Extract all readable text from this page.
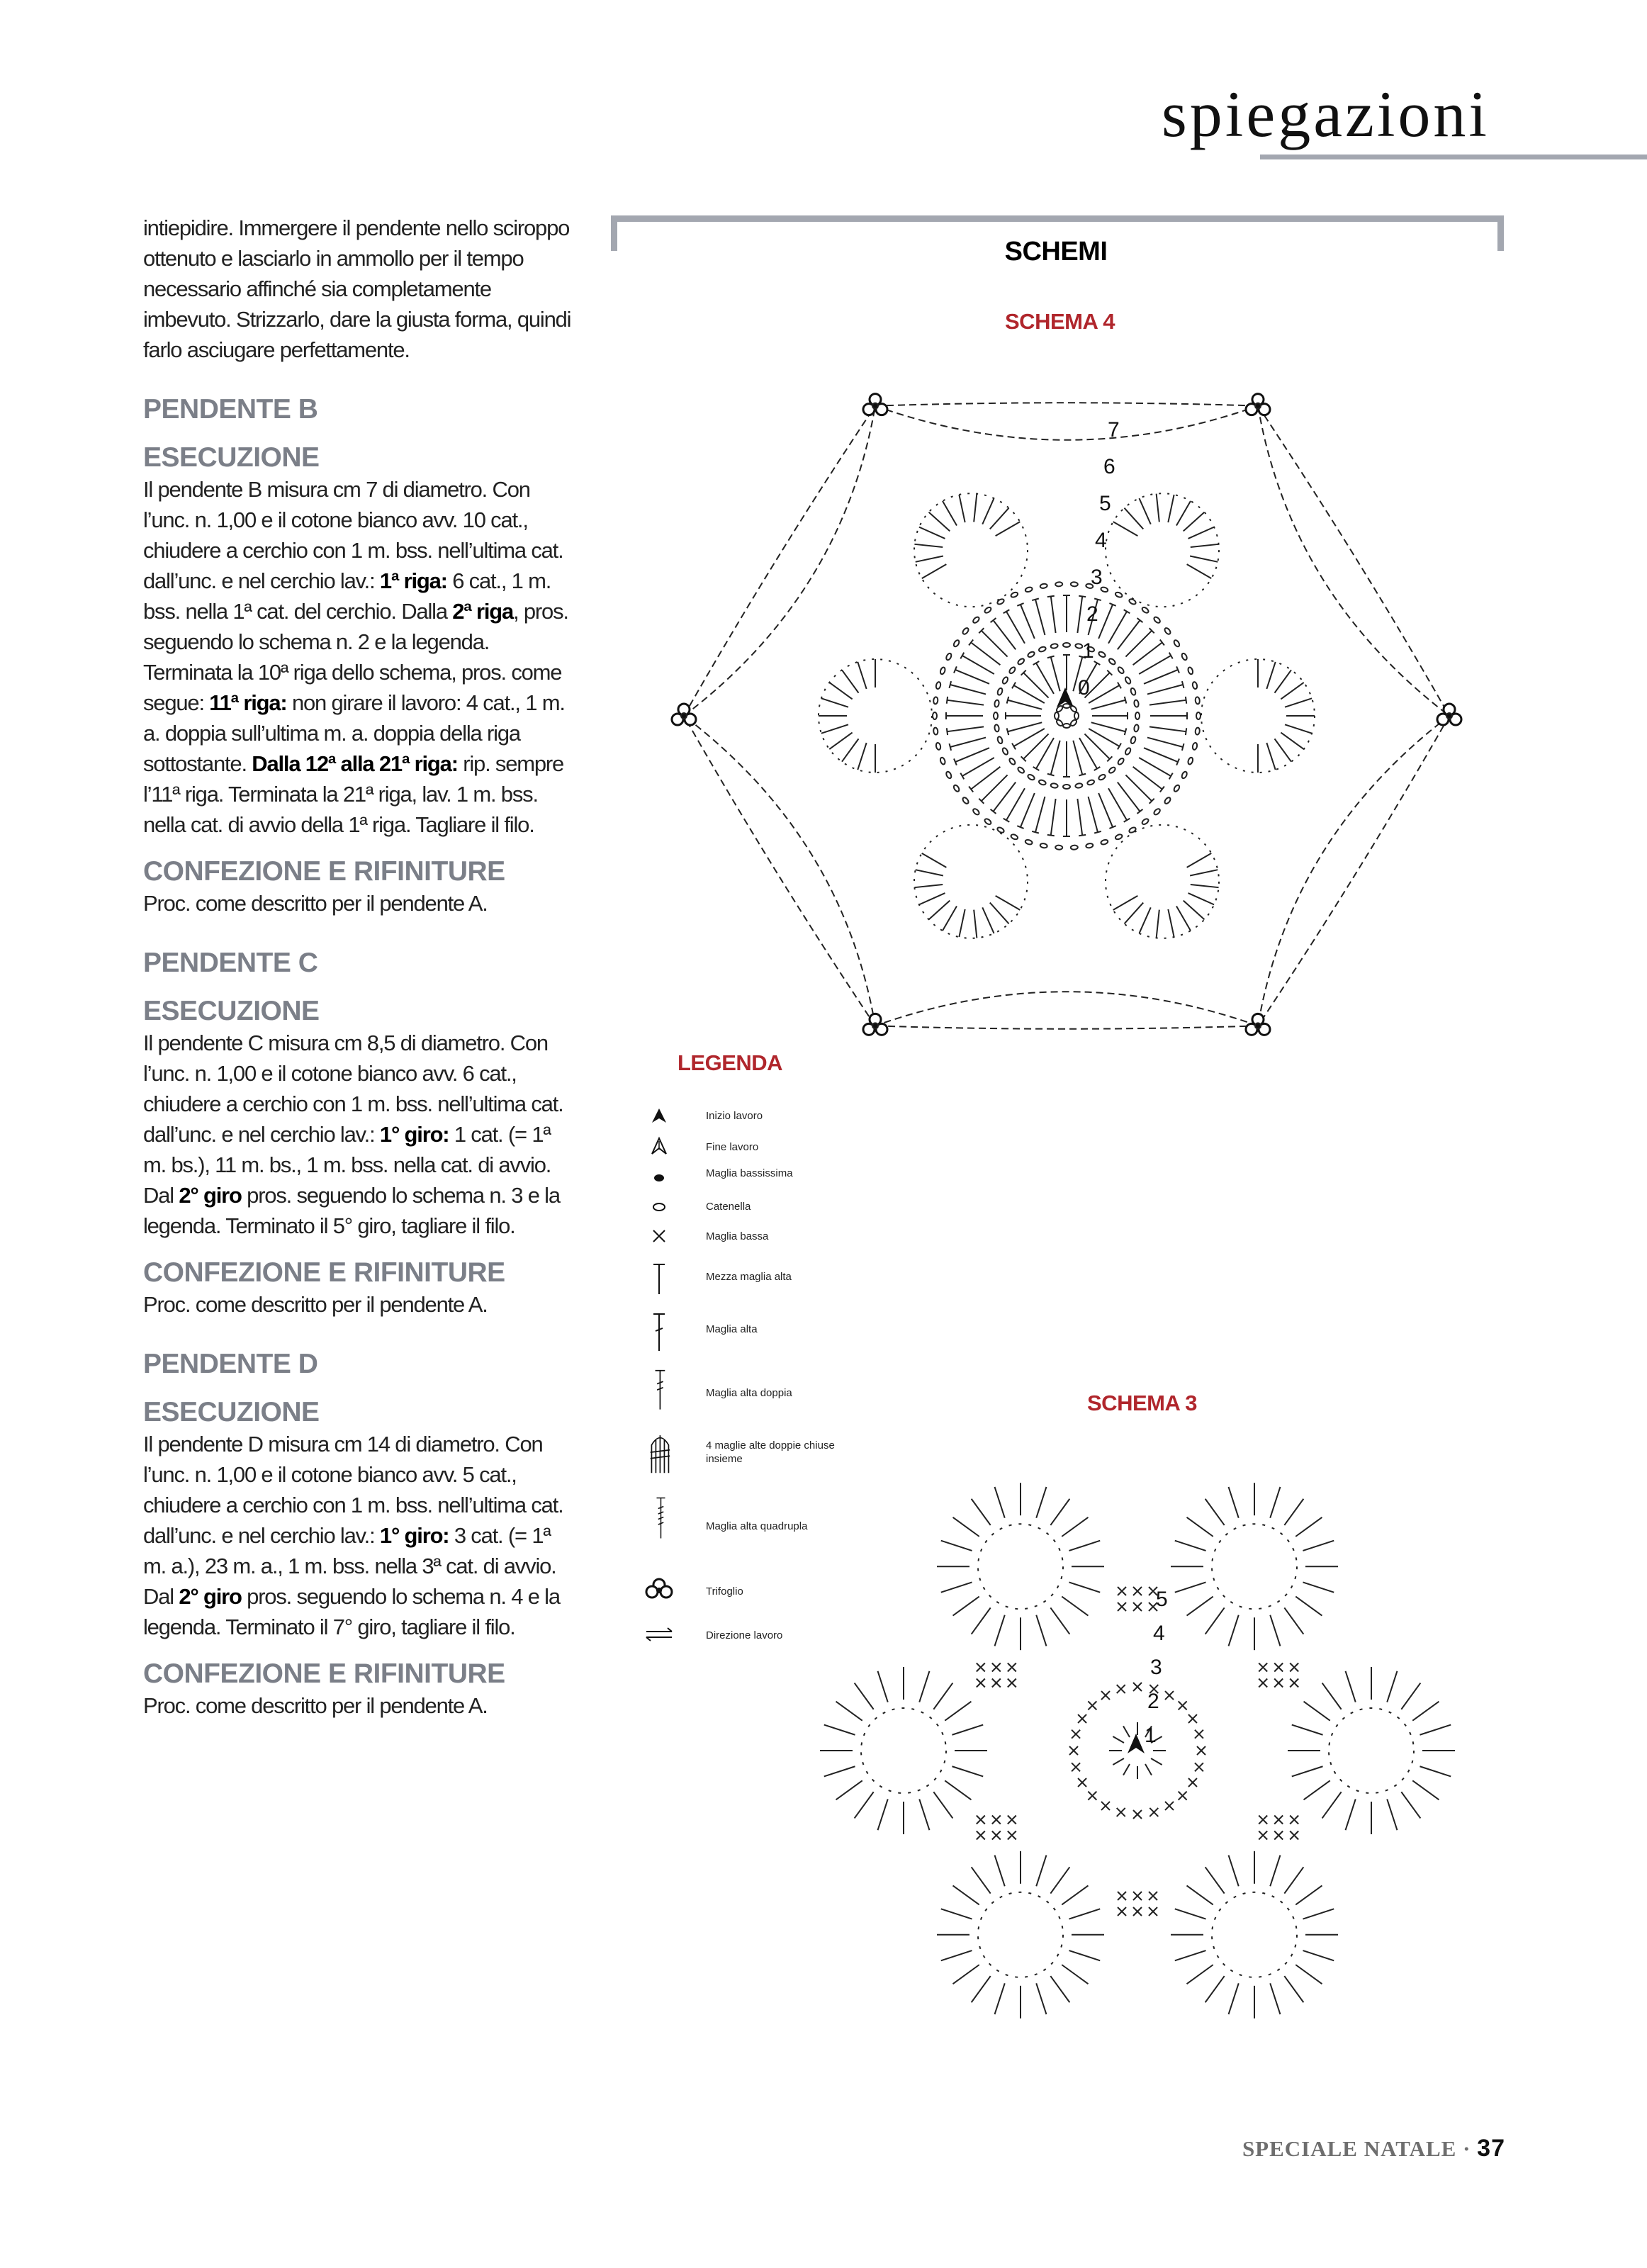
spiegazioni

intiepidire. Immergere il pendente nello sciroppo ottenuto e lasciarlo in ammollo per il tempo necessario affinché sia completamente imbevuto. Strizzarlo, dare la giusta forma, quindi farlo asciugare perfettamente.

PENDENTE B
ESECUZIONE

Il pendente B misura cm 7 di diametro. Con l’unc. n. 1,00 e il cotone bianco avv. 10 cat., chiudere a cerchio con 1 m. bss. nell’ultima cat. dall’unc. e nel cerchio lav.: 1ª riga: 6 cat., 1 m. bss. nella 1ª cat. del cerchio. Dalla 2ª riga, pros. seguendo lo schema n. 2 e la legenda. Terminata la 10ª riga dello schema, pros. come segue: 11ª riga: non girare il lavoro: 4 cat., 1 m. a. doppia sull’ultima m. a. doppia della riga sottostante. Dalla 12ª alla 21ª riga: rip. sempre l’11ª riga. Terminata la 21ª riga, lav. 1 m. bss. nella cat. di avvio della 1ª riga. Tagliare il filo.

CONFEZIONE E RIFINITURE

Proc. come descritto per il pendente A.

PENDENTE C
ESECUZIONE

Il pendente C misura cm 8,5 di diametro. Con l’unc. n. 1,00 e il cotone bianco avv. 6 cat., chiudere a cerchio con 1 m. bss. nell’ultima cat. dall’unc. e nel cerchio lav.: 1° giro: 1 cat. (= 1ª m. bs.), 11 m. bs., 1 m. bss. nella cat. di avvio. Dal 2° giro pros. seguendo lo schema n. 3 e la legenda. Terminato il 5° giro, tagliare il filo.

CONFEZIONE E RIFINITURE

Proc. come descritto per il pendente A.

PENDENTE D
ESECUZIONE

Il pendente D misura cm 14 di diametro. Con l’unc. n. 1,00 e il cotone bianco avv. 5 cat., chiudere a cerchio con 1 m. bss. nell’ultima cat. dall’unc. e nel cerchio lav.: 1° giro: 3 cat. (= 1ª m. a.), 23 m. a., 1 m. bss. nella 3ª cat. di avvio. Dal 2° giro pros. seguendo lo schema n. 4 e la legenda. Terminato il 7° giro, tagliare il filo.

CONFEZIONE E RIFINITURE

Proc. come descritto per il pendente A.

SCHEMI
SCHEMA 4
0
1
2
3
4
5
6
7
LEGENDA
Inizio lavoro
Fine lavoro
Maglia bassissima
Catenella
Maglia bassa
Mezza maglia alta
Maglia alta
Maglia alta doppia
4 maglie alte doppie chiuse insieme
Maglia alta quadrupla
Trifoglio
Direzione lavoro
SCHEMA 3
1
2
3
4
5
SPECIALE NATALE · 37
